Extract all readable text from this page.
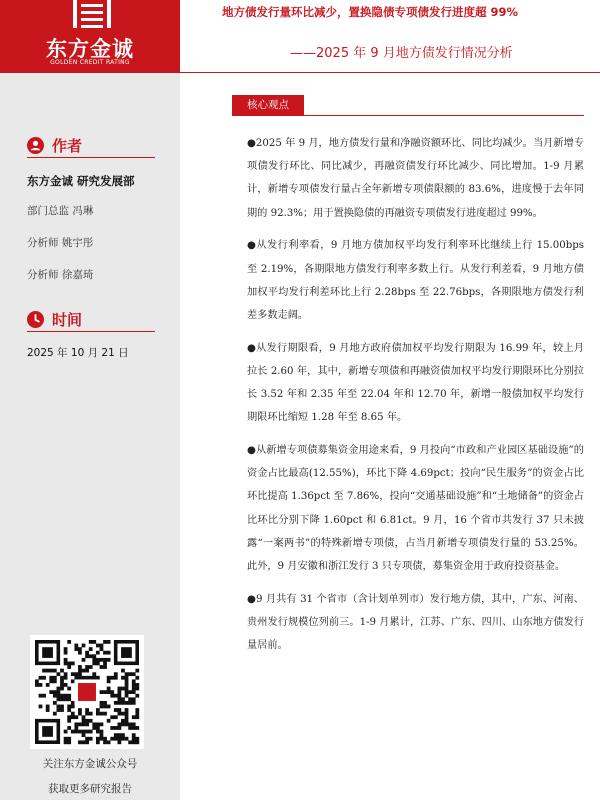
东方金诚
GOLDEN CREDIT RATING
地方债发行量环比减少，置换隐债专项债发行进度超 99%
——2025 年 9 月地方债发行情况分析
作者
东方金诚 研究发展部
部门总监 冯琳
分析师 姚宇彤
分析师 徐嘉琦
时间
2025 年 10 月 21 日
关注东方金诚公众号
获取更多研究报告
核心观点

●2025 年 9 月，地方债发行量和净融资额环比、同比均减少。当月新增专项债发行环比、同比减少，再融资债发行环比减少、同比增加。1-9 月累计，新增专项债发行量占全年新增专项债限额的 83.6%，进度慢于去年同期的 92.3%；用于置换隐债的再融资专项债发行进度超过 99%。

●从发行利率看，9 月地方债加权平均发行利率环比继续上行 15.00bps 至 2.19%，各期限地方债发行利率多数上行。从发行利差看，9 月地方债加权平均发行利差环比上行 2.28bps 至 22.76bps，各期限地方债发行利差多数走阔。

●从发行期限看，9 月地方政府债加权平均发行期限为 16.99 年，较上月拉长 2.60 年，其中，新增专项债和再融资债加权平均发行期限环比分别拉长 3.52 年和 2.35 年至 22.04 年和 12.70 年，新增一般债加权平均发行期限环比缩短 1.28 年至 8.65 年。

●从新增专项债募集资金用途来看，9 月投向“市政和产业园区基础设施”的资金占比最高(12.55%)，环比下降 4.69pct；投向“民生服务”的资金占比环比提高 1.36pct 至 7.86%，投向“交通基础设施”和“土地储备”的资金占比环比分别下降 1.60pct 和 6.81ct。9 月，16 个省市共发行 37 只未披露“一案两书”的特殊新增专项债，占当月新增专项债发行量的 53.25%。此外，9 月安徽和浙江发行 3 只专项债，募集资金用于政府投资基金。

●9 月共有 31 个省市（含计划单列市）发行地方债，其中，广东、河南、贵州发行规模位列前三。1-9 月累计，江苏、广东、四川、山东地方债发行量居前。
